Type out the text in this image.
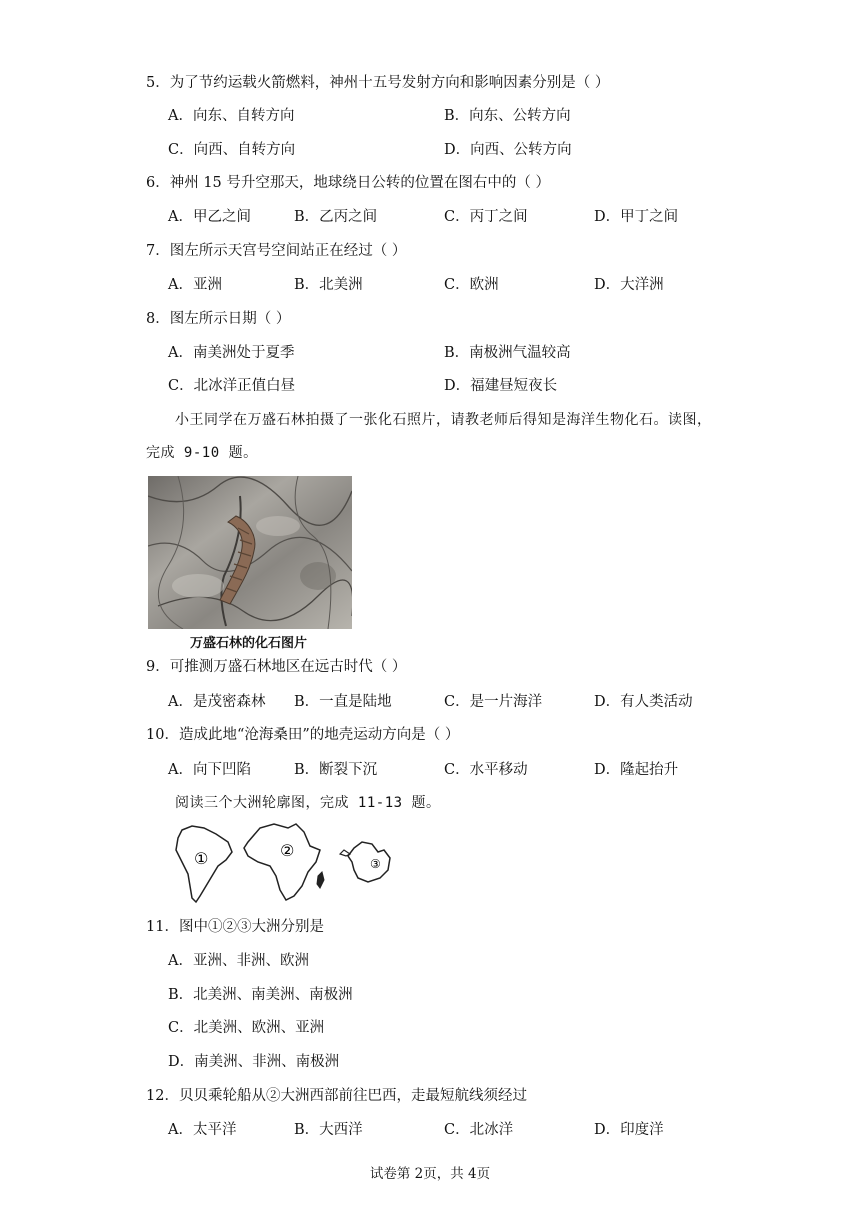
5．为了节约运载火箭燃料，神州十五号发射方向和影响因素分别是（ ）
A．向东、自转方向	B．向东、公转方向
C．向西、自转方向	D．向西、公转方向
6．神州 15 号升空那天，地球绕日公转的位置在图右中的（ ）
A．甲乙之间	B．乙丙之间	C．丙丁之间	D．甲丁之间
7．图左所示天宫号空间站正在经过（ ）
A．亚洲	B．北美洲	C．欧洲	D．大洋洲
8．图左所示日期（ ）
A．南美洲处于夏季	B．南极洲气温较高
C．北冰洋正值白昼	D．福建昼短夜长
小王同学在万盛石林拍摄了一张化石照片，请教老师后得知是海洋生物化石。读图，
完成 9-10 题。
万盛石林的化石图片
9．可推测万盛石林地区在远古时代（ ）
A．是茂密森林 B．一直是陆地	C．是一片海洋	D．有人类活动
10．造成此地“沧海桑田”的地壳运动方向是（ ）
A．向下凹陷	B．断裂下沉	C．水平移动	D．隆起抬升
阅读三个大洲轮廓图，完成 11-13 题。
①	②
③
11．图中①②③大洲分别是
A．亚洲、非洲、欧洲
B．北美洲、南美洲、南极洲
C．北美洲、欧洲、亚洲
D．南美洲、非洲、南极洲
12．贝贝乘轮船从②大洲西部前往巴西，走最短航线须经过
A．太平洋	B．大西洋	C．北冰洋	D．印度洋
试卷第 2页，共 4页
